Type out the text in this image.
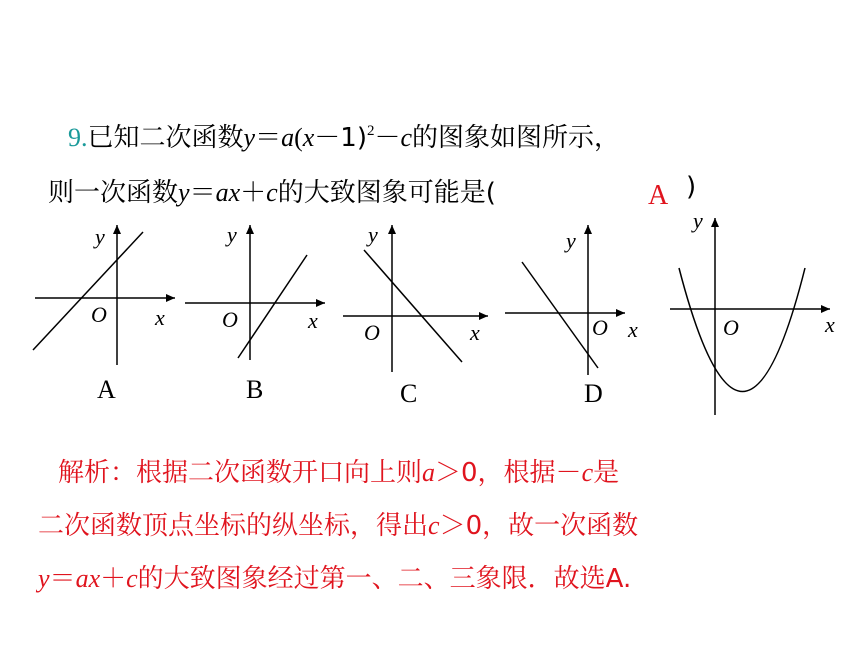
9.已知二次函数$y=a(x-1)^2-c$的图象如图所示，
则一次函数y＝ax＋c的大致图象可能是(	A )
x
y
O
A
x
y
O
B
x
y
O
C
x
y
O
D
x
y
O
解析：根据二次函数开口向上则a＞0，根据－c是
二次函数顶点坐标的纵坐标，得出c＞0，故一次函数
y＝ax＋c的大致图象经过第一、二、三象限．故选A.
